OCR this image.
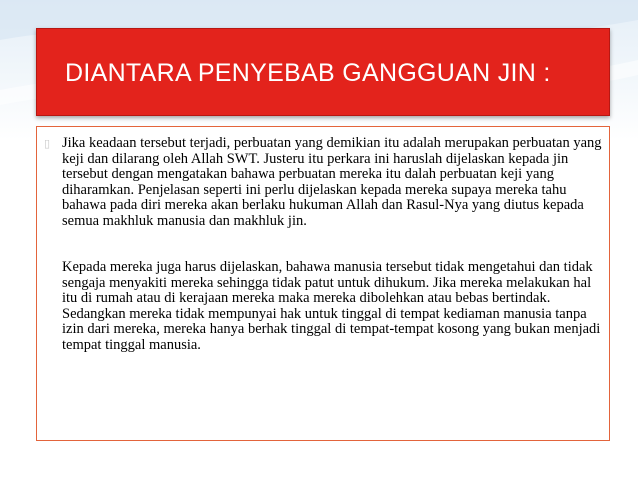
DIANTARA PENYEBAB GANGGUAN JIN :
▯ Jika keadaan tersebut terjadi, perbuatan yang demikian itu adalah merupakan perbuatan yang keji dan dilarang oleh Allah SWT. Justeru itu perkara ini haruslah dijelaskan kepada jin tersebut dengan mengatakan bahawa perbuatan mereka itu dalah perbuatan keji yang diharamkan. Penjelasan seperti ini perlu dijelaskan kepada mereka supaya mereka tahu bahawa pada diri mereka akan berlaku hukuman Allah dan Rasul-Nya yang diutus kepada semua makhluk manusia dan makhluk jin.

Kepada mereka juga harus dijelaskan, bahawa manusia tersebut tidak mengetahui dan tidak sengaja menyakiti mereka sehingga tidak patut untuk dihukum. Jika mereka melakukan hal itu di rumah atau di kerajaan mereka maka mereka dibolehkan atau bebas bertindak. Sedangkan mereka tidak mempunyai hak untuk tinggal di tempat kediaman manusia tanpa izin dari mereka, mereka hanya berhak tinggal di tempat-tempat kosong yang bukan menjadi tempat tinggal manusia.
